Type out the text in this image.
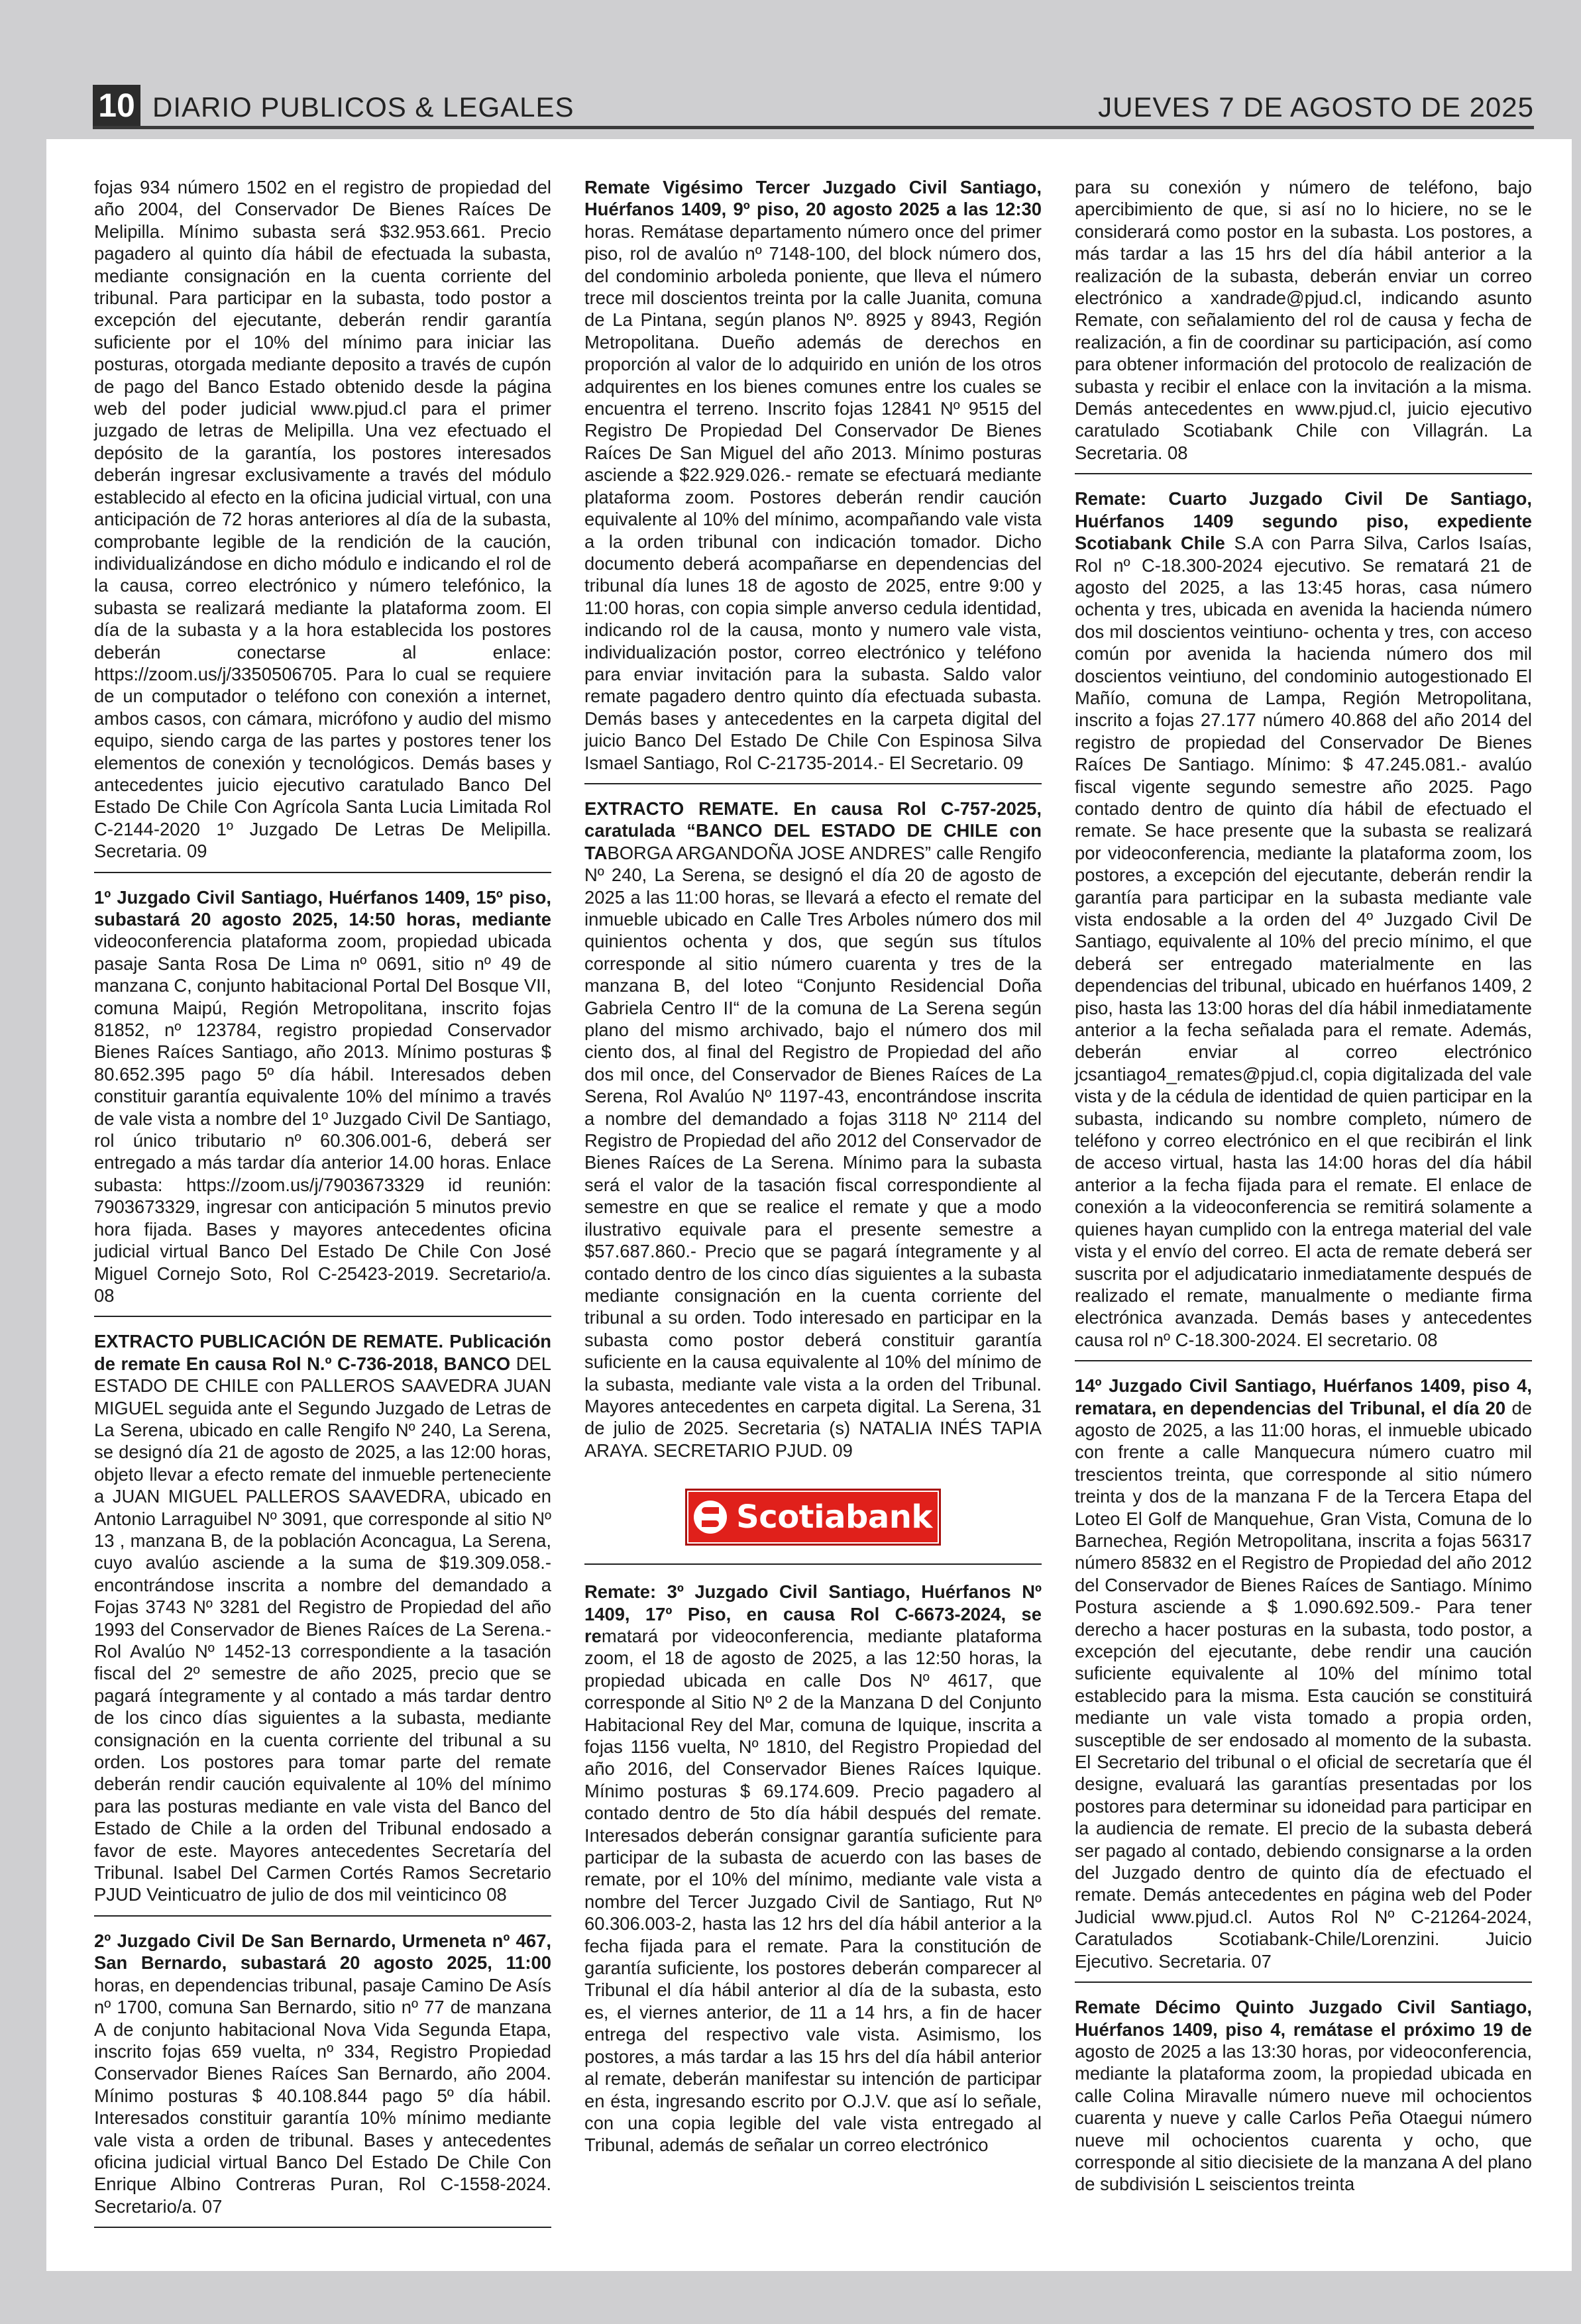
10 DIARIO PUBLICOS & LEGALES	JUEVES 7 DE AGOSTO DE 2025
fojas 934 número 1502 en el registro de propiedad del año 2004, del Conservador De Bienes Raíces De Melipilla. Mínimo subasta será $32.953.661. Precio pagadero al quinto día hábil de efectuada la subasta, mediante consignación en la cuenta corriente del tribunal. Para participar en la subasta, todo postor a excepción del ejecutante, deberán rendir garantía suficiente por el 10% del mínimo para iniciar las posturas, otorgada mediante deposito a través de cupón de pago del Banco Estado obtenido desde la página web del poder judicial www.pjud.cl para el primer juzgado de letras de Melipilla. Una vez efectuado el depósito de la garantía, los postores interesados deberán ingresar exclusivamente a través del módulo establecido al efecto en la oficina judicial virtual, con una anticipación de 72 horas anteriores al día de la subasta, comprobante legible de la rendición de la caución, individualizándose en dicho módulo e indicando el rol de la causa, correo electrónico y número telefónico, la subasta se realizará mediante la plataforma zoom. El día de la subasta y a la hora establecida los postores deberán conectarse al enlace: https://zoom.us/j/3350506705. Para lo cual se requiere de un computador o teléfono con conexión a internet, ambos casos, con cámara, micrófono y audio del mismo equipo, siendo carga de las partes y postores tener los elementos de conexión y tecnológicos. Demás bases y antecedentes juicio ejecutivo caratulado Banco Del Estado De Chile Con Agrícola Santa Lucia Limitada Rol C-2144-2020 1º Juzgado De Letras De Melipilla. Secretaria. 09
1º Juzgado Civil Santiago, Huérfanos 1409, 15º piso, subastará 20 agosto 2025, 14:50 horas, mediante videoconferencia plataforma zoom, propiedad ubicada pasaje Santa Rosa De Lima nº 0691, sitio nº 49 de manzana C, conjunto habitacional Portal Del Bosque VII, comuna Maipú, Región Metropolitana, inscrito fojas 81852, nº 123784, registro propiedad Conservador Bienes Raíces Santiago, año 2013. Mínimo posturas $ 80.652.395 pago 5º día hábil. Interesados deben constituir garantía equivalente 10% del mínimo a través de vale vista a nombre del 1º Juzgado Civil De Santiago, rol único tributario nº 60.306.001-6, deberá ser entregado a más tardar día anterior 14.00 horas. Enlace subasta: https://zoom.us/j/7903673329 id reunión: 7903673329, ingresar con anticipación 5 minutos previo hora fijada. Bases y mayores antecedentes oficina judicial virtual Banco Del Estado De Chile Con José Miguel Cornejo Soto, Rol C-25423-2019. Secretario/a. 08
EXTRACTO PUBLICACIÓN DE REMATE. Publicación de remate En causa Rol N.º C-736-2018, BANCO DEL ESTADO DE CHILE con PALLEROS SAAVEDRA JUAN MIGUEL seguida ante el Segundo Juzgado de Letras de La Serena, ubicado en calle Rengifo Nº 240, La Serena, se designó día 21 de agosto de 2025, a las 12:00 horas, objeto llevar a efecto remate del inmueble perteneciente a JUAN MIGUEL PALLEROS SAAVEDRA, ubicado en Antonio Larraguibel Nº 3091, que corresponde al sitio Nº 13 , manzana B, de la población Aconcagua, La Serena, cuyo avalúo asciende a la suma de $19.309.058.- encontrándose inscrita a nombre del demandado a Fojas 3743 Nº 3281 del Registro de Propiedad del año 1993 del Conservador de Bienes Raíces de La Serena.- Rol Avalúo Nº 1452-13 correspondiente a la tasación fiscal del 2º semestre de año 2025, precio que se pagará íntegramente y al contado a más tardar dentro de los cinco días siguientes a la subasta, mediante consignación en la cuenta corriente del tribunal a su orden. Los postores para tomar parte del remate deberán rendir caución equivalente al 10% del mínimo para las posturas mediante en vale vista del Banco del Estado de Chile a la orden del Tribunal endosado a favor de este. Mayores antecedentes Secretaría del Tribunal. Isabel Del Carmen Cortés Ramos Secretario PJUD Veinticuatro de julio de dos mil veinticinco 08
2º Juzgado Civil De San Bernardo, Urmeneta nº 467, San Bernardo, subastará 20 agosto 2025, 11:00 horas, en dependencias tribunal, pasaje Camino De Asís nº 1700, comuna San Bernardo, sitio nº 77 de manzana A de conjunto habitacional Nova Vida Segunda Etapa, inscrito fojas 659 vuelta, nº 334, Registro Propiedad Conservador Bienes Raíces San Bernardo, año 2004. Mínimo posturas $ 40.108.844 pago 5º día hábil. Interesados constituir garantía 10% mínimo mediante vale vista a orden de tribunal. Bases y antecedentes oficina judicial virtual Banco Del Estado De Chile Con Enrique Albino Contreras Puran, Rol C-1558-2024. Secretario/a. 07
Remate Vigésimo Tercer Juzgado Civil Santiago, Huérfanos 1409, 9º piso, 20 agosto 2025 a las 12:30 horas. Remátase departamento número once del primer piso, rol de avalúo nº 7148-100, del block número dos, del condominio arboleda poniente, que lleva el número trece mil doscientos treinta por la calle Juanita, comuna de La Pintana, según planos Nº. 8925 y 8943, Región Metropolitana. Dueño además de derechos en proporción al valor de lo adquirido en unión de los otros adquirentes en los bienes comunes entre los cuales se encuentra el terreno. Inscrito fojas 12841 Nº 9515 del Registro De Propiedad Del Conservador De Bienes Raíces De San Miguel del año 2013. Mínimo posturas asciende a $22.929.026.- remate se efectuará mediante plataforma zoom. Postores deberán rendir caución equivalente al 10% del mínimo, acompañando vale vista a la orden tribunal con indicación tomador. Dicho documento deberá acompañarse en dependencias del tribunal día lunes 18 de agosto de 2025, entre 9:00 y 11:00 horas, con copia simple anverso cedula identidad, indicando rol de la causa, monto y numero vale vista, individualización postor, correo electrónico y teléfono para enviar invitación para la subasta. Saldo valor remate pagadero dentro quinto día efectuada subasta. Demás bases y antecedentes en la carpeta digital del juicio Banco Del Estado De Chile Con Espinosa Silva Ismael Santiago, Rol C-21735-2014.- El Secretario. 09
EXTRACTO REMATE. En causa Rol C-757-2025, caratulada “BANCO DEL ESTADO DE CHILE con TABORGA ARGANDOÑA JOSE ANDRES” calle Rengifo Nº 240, La Serena, se designó el día 20 de agosto de 2025 a las 11:00 horas, se llevará a efecto el remate del inmueble ubicado en Calle Tres Arboles número dos mil quinientos ochenta y dos, que según sus títulos corresponde al sitio número cuarenta y tres de la manzana B, del loteo “Conjunto Residencial Doña Gabriela Centro II“ de la comuna de La Serena según plano del mismo archivado, bajo el número dos mil ciento dos, al final del Registro de Propiedad del año dos mil once, del Conservador de Bienes Raíces de La Serena, Rol Avalúo Nº 1197-43, encontrándose inscrita a nombre del demandado a fojas 3118 Nº 2114 del Registro de Propiedad del año 2012 del Conservador de Bienes Raíces de La Serena. Mínimo para la subasta será el valor de la tasación fiscal correspondiente al semestre en que se realice el remate y que a modo ilustrativo equivale para el presente semestre a $57.687.860.- Precio que se pagará íntegramente y al contado dentro de los cinco días siguientes a la subasta mediante consignación en la cuenta corriente del tribunal a su orden. Todo interesado en participar en la subasta como postor deberá constituir garantía suficiente en la causa equivalente al 10% del mínimo de la subasta, mediante vale vista a la orden del Tribunal. Mayores antecedentes en carpeta digital. La Serena, 31 de julio de 2025. Secretaria (s) NATALIA INÉS TAPIA ARAYA. SECRETARIO PJUD. 09
Scotiabank
Remate: 3º Juzgado Civil Santiago, Huérfanos Nº 1409, 17º Piso, en causa Rol C-6673-2024, se rematará por videoconferencia, mediante plataforma zoom, el 18 de agosto de 2025, a las 12:50 horas, la propiedad ubicada en calle Dos Nº 4617, que corresponde al Sitio Nº 2 de la Manzana D del Conjunto Habitacional Rey del Mar, comuna de Iquique, inscrita a fojas 1156 vuelta, Nº 1810, del Registro Propiedad del año 2016, del Conservador Bienes Raíces Iquique. Mínimo posturas $ 69.174.609. Precio pagadero al contado dentro de 5to día hábil después del remate. Interesados deberán consignar garantía suficiente para participar de la subasta de acuerdo con las bases de remate, por el 10% del mínimo, mediante vale vista a nombre del Tercer Juzgado Civil de Santiago, Rut Nº 60.306.003-2, hasta las 12 hrs del día hábil anterior a la fecha fijada para el remate. Para la constitución de garantía suficiente, los postores deberán comparecer al Tribunal el día hábil anterior al día de la subasta, esto es, el viernes anterior, de 11 a 14 hrs, a fin de hacer entrega del respectivo vale vista. Asimismo, los postores, a más tardar a las 15 hrs del día hábil anterior al remate, deberán manifestar su intención de participar en ésta, ingresando escrito por O.J.V. que así lo señale, con una copia legible del vale vista entregado al Tribunal, además de señalar un correo electrónico
para su conexión y número de teléfono, bajo apercibimiento de que, si así no lo hiciere, no se le considerará como postor en la subasta. Los postores, a más tardar a las 15 hrs del día hábil anterior a la realización de la subasta, deberán enviar un correo electrónico a xandrade@pjud.cl, indicando asunto Remate, con señalamiento del rol de causa y fecha de realización, a fin de coordinar su participación, así como para obtener información del protocolo de realización de subasta y recibir el enlace con la invitación a la misma. Demás antecedentes en www.pjud.cl, juicio ejecutivo caratulado Scotiabank Chile con Villagrán. La Secretaria. 08
Remate: Cuarto Juzgado Civil De Santiago, Huérfanos 1409 segundo piso, expediente Scotiabank Chile S.A con Parra Silva, Carlos Isaías, Rol nº C-18.300-2024 ejecutivo. Se rematará 21 de agosto del 2025, a las 13:45 horas, casa número ochenta y tres, ubicada en avenida la hacienda número dos mil doscientos veintiuno- ochenta y tres, con acceso común por avenida la hacienda número dos mil doscientos veintiuno, del condominio autogestionado El Mañío, comuna de Lampa, Región Metropolitana, inscrito a fojas 27.177 número 40.868 del año 2014 del registro de propiedad del Conservador De Bienes Raíces De Santiago. Mínimo: $ 47.245.081.- avalúo fiscal vigente segundo semestre año 2025. Pago contado dentro de quinto día hábil de efectuado el remate. Se hace presente que la subasta se realizará por videoconferencia, mediante la plataforma zoom, los postores, a excepción del ejecutante, deberán rendir la garantía para participar en la subasta mediante vale vista endosable a la orden del 4º Juzgado Civil De Santiago, equivalente al 10% del precio mínimo, el que deberá ser entregado materialmente en las dependencias del tribunal, ubicado en huérfanos 1409, 2 piso, hasta las 13:00 horas del día hábil inmediatamente anterior a la fecha señalada para el remate. Además, deberán enviar al correo electrónico jcsantiago4_remates@pjud.cl, copia digitalizada del vale vista y de la cédula de identidad de quien participar en la subasta, indicando su nombre completo, número de teléfono y correo electrónico en el que recibirán el link de acceso virtual, hasta las 14:00 horas del día hábil anterior a la fecha fijada para el remate. El enlace de conexión a la videoconferencia se remitirá solamente a quienes hayan cumplido con la entrega material del vale vista y el envío del correo. El acta de remate deberá ser suscrita por el adjudicatario inmediatamente después de realizado el remate, manualmente o mediante firma electrónica avanzada. Demás bases y antecedentes causa rol nº C-18.300-2024. El secretario. 08
14º Juzgado Civil Santiago, Huérfanos 1409, piso 4, rematara, en dependencias del Tribunal, el día 20 de agosto de 2025, a las 11:00 horas, el inmueble ubicado con frente a calle Manquecura número cuatro mil trescientos treinta, que corresponde al sitio número treinta y dos de la manzana F de la Tercera Etapa del Loteo El Golf de Manquehue, Gran Vista, Comuna de lo Barnechea, Región Metropolitana, inscrita a fojas 56317 número 85832 en el Registro de Propiedad del año 2012 del Conservador de Bienes Raíces de Santiago. Mínimo Postura asciende a $ 1.090.692.509.- Para tener derecho a hacer posturas en la subasta, todo postor, a excepción del ejecutante, debe rendir una caución suficiente equivalente al 10% del mínimo total establecido para la misma. Esta caución se constituirá mediante un vale vista tomado a propia orden, susceptible de ser endosado al momento de la subasta. El Secretario del tribunal o el oficial de secretaría que él designe, evaluará las garantías presentadas por los postores para determinar su idoneidad para participar en la audiencia de remate. El precio de la subasta deberá ser pagado al contado, debiendo consignarse a la orden del Juzgado dentro de quinto día de efectuado el remate. Demás antecedentes en página web del Poder Judicial www.pjud.cl. Autos Rol Nº C-21264-2024, Caratulados Scotiabank-Chile/Lorenzini. Juicio Ejecutivo. Secretaria. 07
Remate Décimo Quinto Juzgado Civil Santiago, Huérfanos 1409, piso 4, remátase el próximo 19 de agosto de 2025 a las 13:30 horas, por videoconferencia, mediante la plataforma zoom, la propiedad ubicada en calle Colina Miravalle número nueve mil ochocientos cuarenta y nueve y calle Carlos Peña Otaegui número nueve mil ochocientos cuarenta y ocho, que corresponde al sitio diecisiete de la manzana A del plano de subdivisión L seiscientos treinta
